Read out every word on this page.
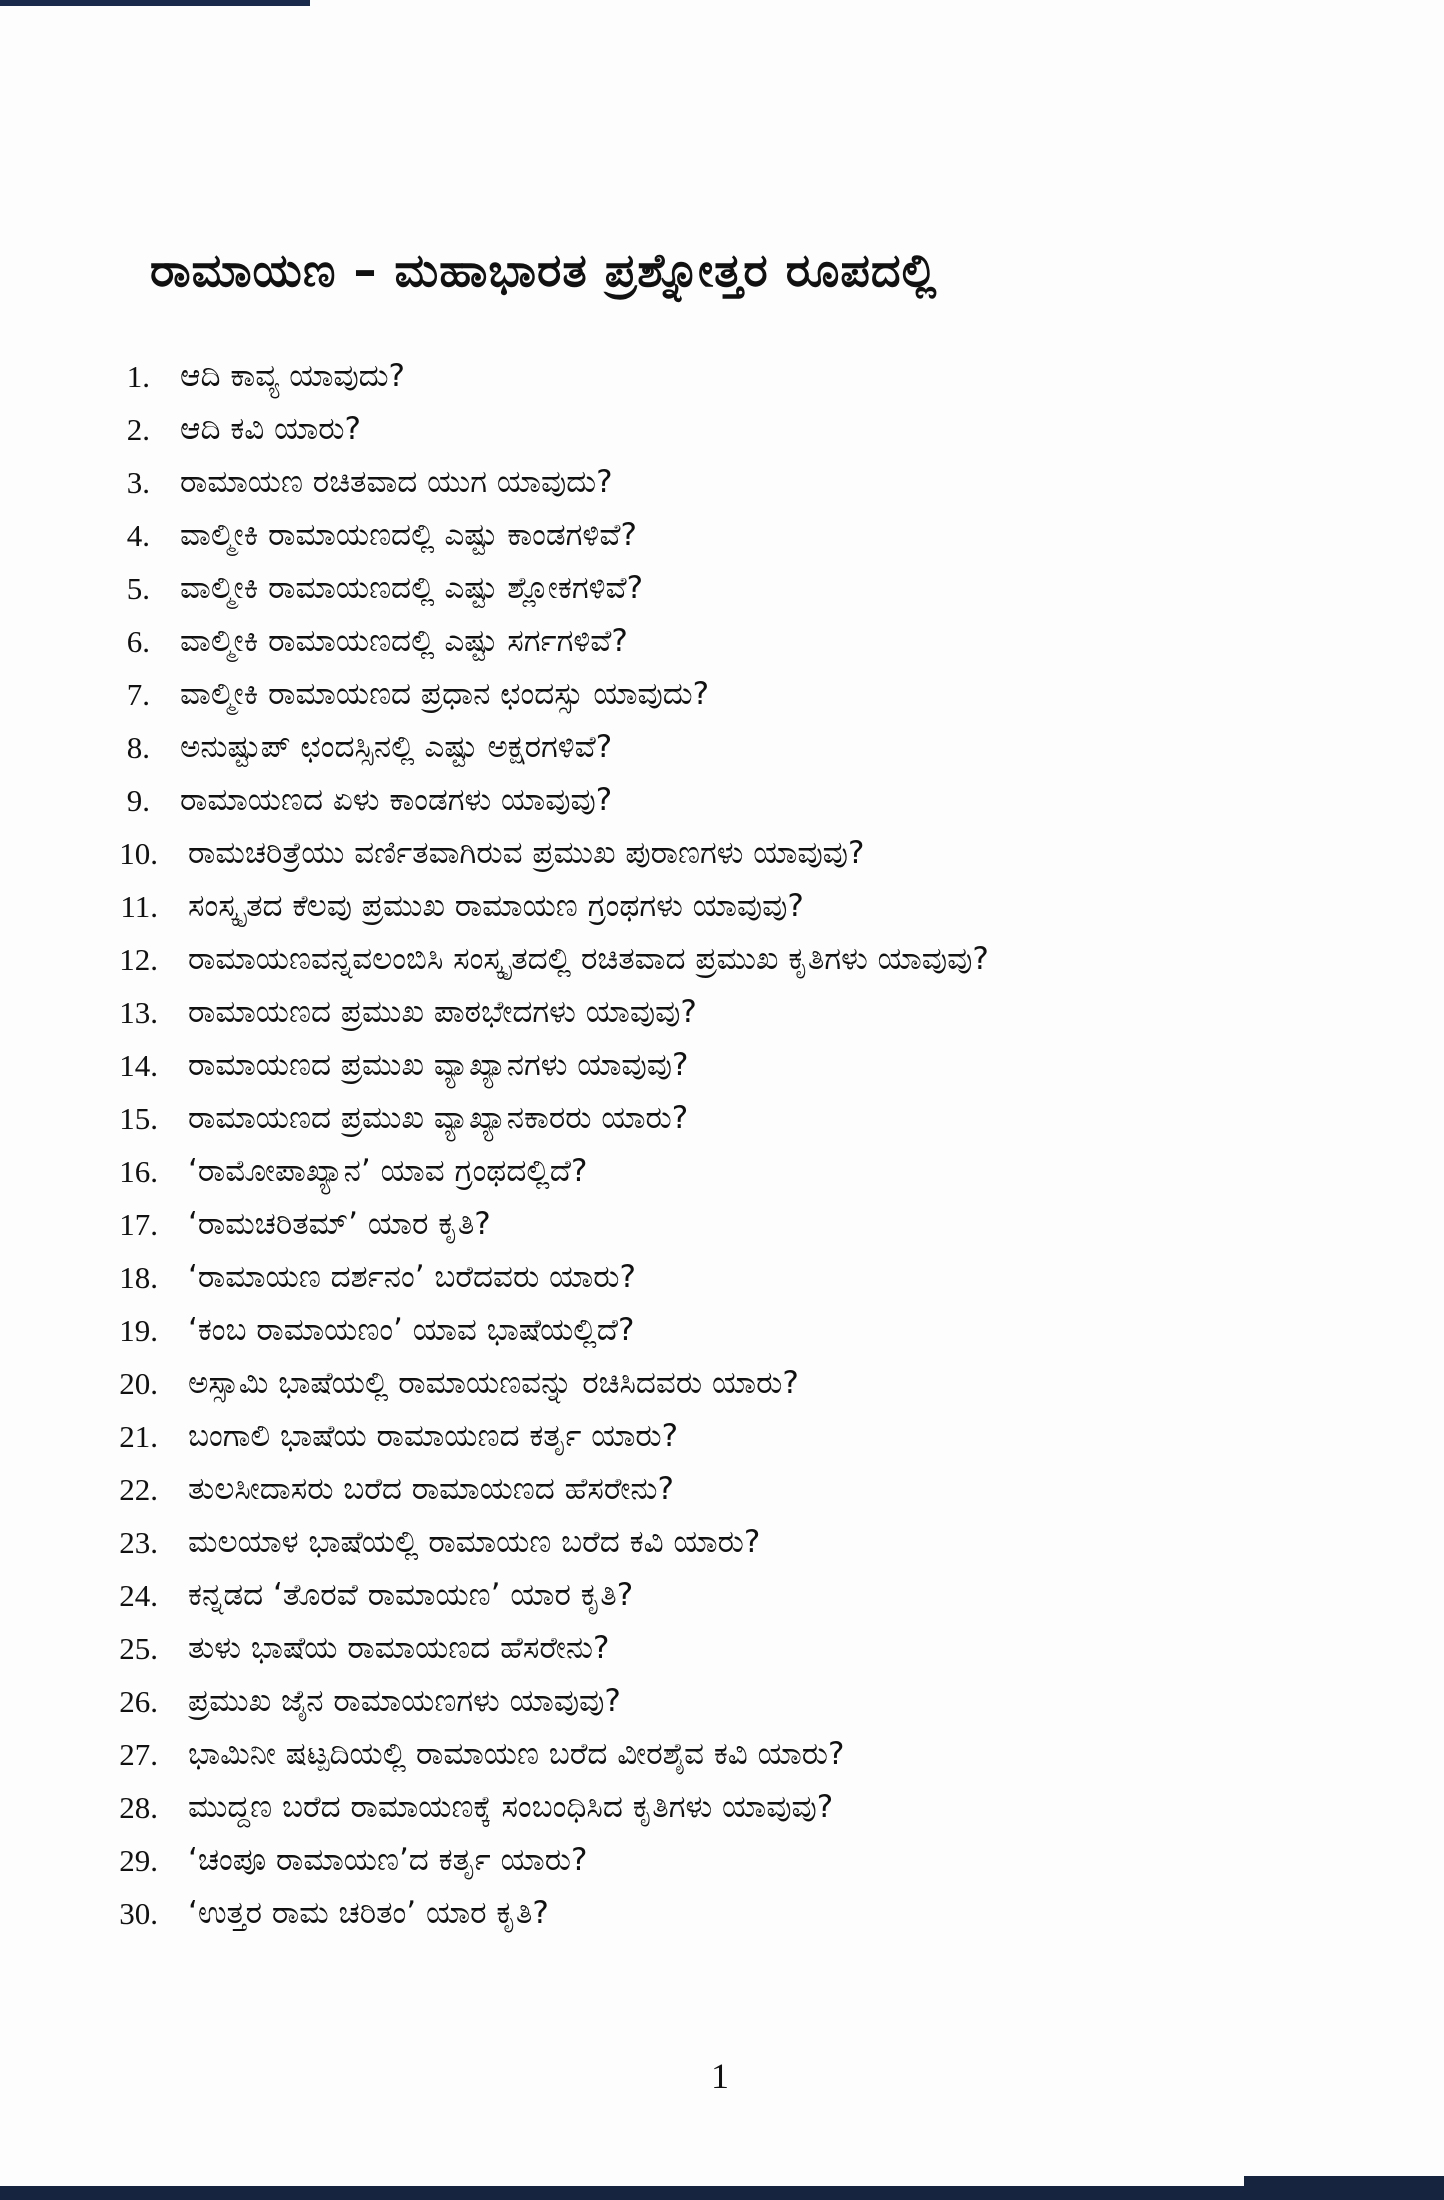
ರಾಮಾಯಣ – ಮಹಾಭಾರತ ಪ್ರಶ್ನೋತ್ತರ ರೂಪದಲ್ಲಿ
1. ಆದಿ ಕಾವ್ಯ ಯಾವುದು?
2. ಆದಿ ಕವಿ ಯಾರು?
3. ರಾಮಾಯಣ ರಚಿತವಾದ ಯುಗ ಯಾವುದು?
4. ವಾಲ್ಮೀಕಿ ರಾಮಾಯಣದಲ್ಲಿ ಎಷ್ಟು ಕಾಂಡಗಳಿವೆ?
5. ವಾಲ್ಮೀಕಿ ರಾಮಾಯಣದಲ್ಲಿ ಎಷ್ಟು ಶ್ಲೋಕಗಳಿವೆ?
6. ವಾಲ್ಮೀಕಿ ರಾಮಾಯಣದಲ್ಲಿ ಎಷ್ಟು ಸರ್ಗಗಳಿವೆ?
7. ವಾಲ್ಮೀಕಿ ರಾಮಾಯಣದ ಪ್ರಧಾನ ಛಂದಸ್ಸು ಯಾವುದು?
8. ಅನುಷ್ಟುಪ್ ಛಂದಸ್ಸಿನಲ್ಲಿ ಎಷ್ಟು ಅಕ್ಷರಗಳಿವೆ?
9. ರಾಮಾಯಣದ ಏಳು ಕಾಂಡಗಳು ಯಾವುವು?
10. ರಾಮಚರಿತ್ರೆಯು ವರ್ಣಿತವಾಗಿರುವ ಪ್ರಮುಖ ಪುರಾಣಗಳು ಯಾವುವು?
11. ಸಂಸ್ಕೃತದ ಕೆಲವು ಪ್ರಮುಖ ರಾಮಾಯಣ ಗ್ರಂಥಗಳು ಯಾವುವು?
12. ರಾಮಾಯಣವನ್ನವಲಂಬಿಸಿ ಸಂಸ್ಕೃತದಲ್ಲಿ ರಚಿತವಾದ ಪ್ರಮುಖ ಕೃತಿಗಳು ಯಾವುವು?
13. ರಾಮಾಯಣದ ಪ್ರಮುಖ ಪಾಠಭೇದಗಳು ಯಾವುವು?
14. ರಾಮಾಯಣದ ಪ್ರಮುಖ ವ್ಯಾಖ್ಯಾನಗಳು ಯಾವುವು?
15. ರಾಮಾಯಣದ ಪ್ರಮುಖ ವ್ಯಾಖ್ಯಾನಕಾರರು ಯಾರು?
16. ‘ರಾಮೋಪಾಖ್ಯಾನ’ ಯಾವ ಗ್ರಂಥದಲ್ಲಿದೆ?
17. ‘ರಾಮಚರಿತಮ್’ ಯಾರ ಕೃತಿ?
18. ‘ರಾಮಾಯಣ ದರ್ಶನಂ’ ಬರೆದವರು ಯಾರು?
19. ‘ಕಂಬ ರಾಮಾಯಣಂ’ ಯಾವ ಭಾಷೆಯಲ್ಲಿದೆ?
20. ಅಸ್ಸಾಮಿ ಭಾಷೆಯಲ್ಲಿ ರಾಮಾಯಣವನ್ನು ರಚಿಸಿದವರು ಯಾರು?
21. ಬಂಗಾಲಿ ಭಾಷೆಯ ರಾಮಾಯಣದ ಕರ್ತೃ ಯಾರು?
22. ತುಲಸೀದಾಸರು ಬರೆದ ರಾಮಾಯಣದ ಹೆಸರೇನು?
23. ಮಲಯಾಳ ಭಾಷೆಯಲ್ಲಿ ರಾಮಾಯಣ ಬರೆದ ಕವಿ ಯಾರು?
24. ಕನ್ನಡದ ‘ತೊರವೆ ರಾಮಾಯಣ’ ಯಾರ ಕೃತಿ?
25. ತುಳು ಭಾಷೆಯ ರಾಮಾಯಣದ ಹೆಸರೇನು?
26. ಪ್ರಮುಖ ಜೈನ ರಾಮಾಯಣಗಳು ಯಾವುವು?
27. ಭಾಮಿನೀ ಷಟ್ಪದಿಯಲ್ಲಿ ರಾಮಾಯಣ ಬರೆದ ವೀರಶೈವ ಕವಿ ಯಾರು?
28. ಮುದ್ದಣ ಬರೆದ ರಾಮಾಯಣಕ್ಕೆ ಸಂಬಂಧಿಸಿದ ಕೃತಿಗಳು ಯಾವುವು?
29. ‘ಚಂಪೂ ರಾಮಾಯಣ’ದ ಕರ್ತೃ ಯಾರು?
30. ‘ಉತ್ತರ ರಾಮ ಚರಿತಂ’ ಯಾರ ಕೃತಿ?
1
